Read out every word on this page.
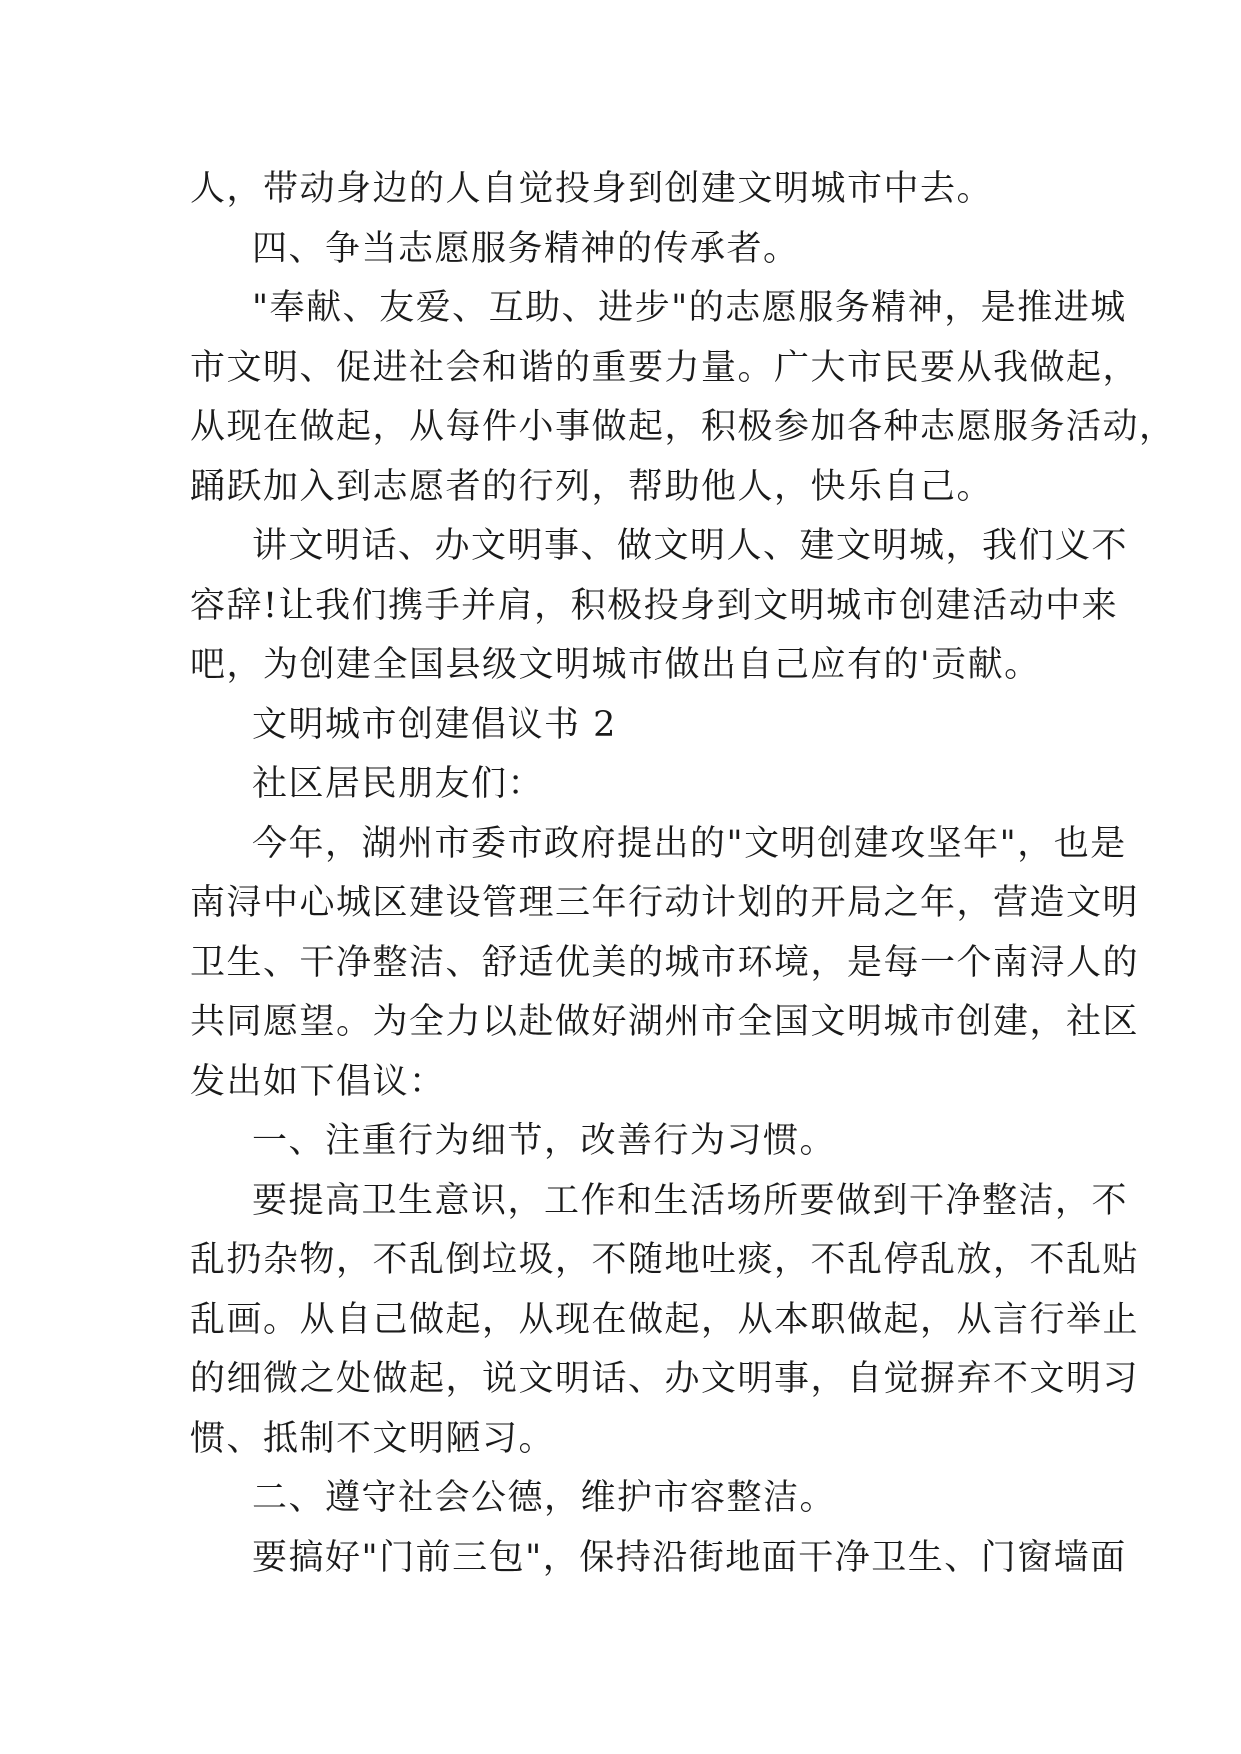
人，带动身边的人自觉投身到创建文明城市中去。
四、争当志愿服务精神的传承者。
"奉献、友爱、互助、进步"的志愿服务精神，是推进城
市文明、促进社会和谐的重要力量。广大市民要从我做起，
从现在做起，从每件小事做起，积极参加各种志愿服务活动，
踊跃加入到志愿者的行列，帮助他人，快乐自己。
讲文明话、办文明事、做文明人、建文明城，我们义不
容辞!让我们携手并肩，积极投身到文明城市创建活动中来
吧，为创建全国县级文明城市做出自己应有的'贡献。
文明城市创建倡议书 2
社区居民朋友们：
今年，湖州市委市政府提出的"文明创建攻坚年"，也是
南浔中心城区建设管理三年行动计划的开局之年，营造文明
卫生、干净整洁、舒适优美的城市环境，是每一个南浔人的
共同愿望。为全力以赴做好湖州市全国文明城市创建，社区
发出如下倡议：
一、注重行为细节，改善行为习惯。
要提高卫生意识，工作和生活场所要做到干净整洁，不
乱扔杂物，不乱倒垃圾，不随地吐痰，不乱停乱放，不乱贴
乱画。从自己做起，从现在做起，从本职做起，从言行举止
的细微之处做起，说文明话、办文明事，自觉摒弃不文明习
惯、抵制不文明陋习。
二、遵守社会公德，维护市容整洁。
要搞好"门前三包"，保持沿街地面干净卫生、门窗墙面
